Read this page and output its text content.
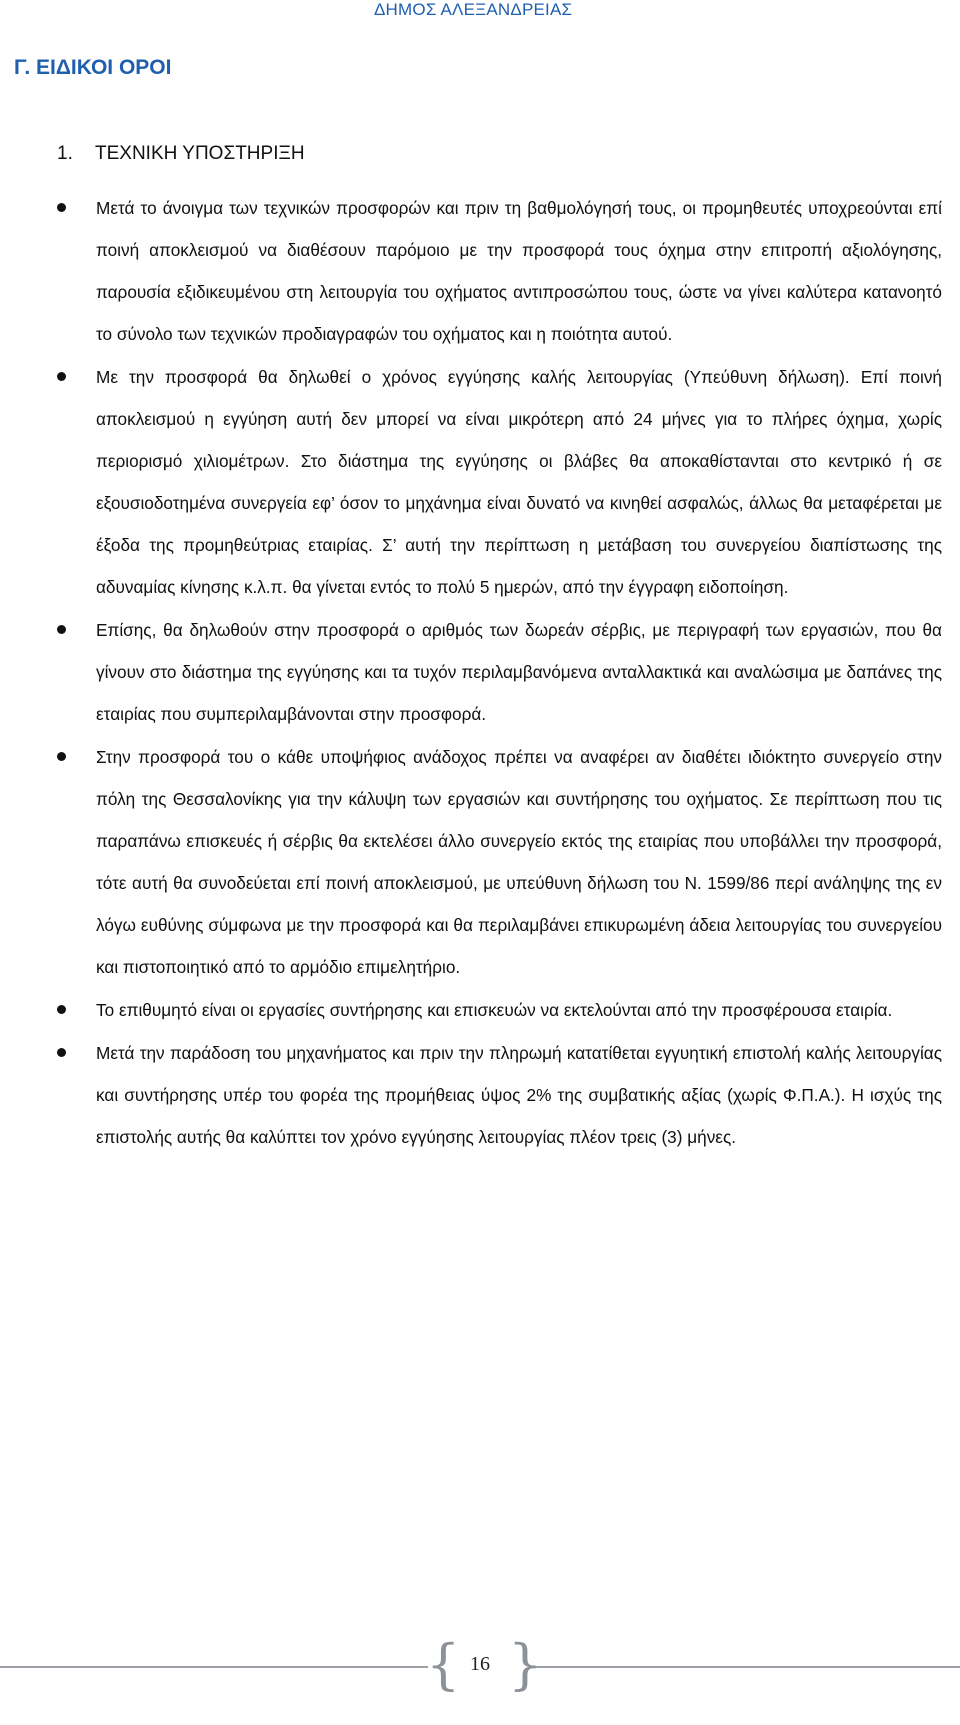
ΔΗΜΟΣ ΑΛΕΞΑΝΔΡΕΙΑΣ
Γ. ΕΙΔΙΚΟΙ ΟΡΟΙ
1. ΤΕΧΝΙΚΗ ΥΠΟΣΤΗΡΙΞΗ
Μετά το άνοιγμα των τεχνικών προσφορών και πριν τη βαθμολόγησή τους, οι προμηθευτές υποχρεούνται επί ποινή αποκλεισμού να διαθέσουν παρόμοιο με την προσφορά τους όχημα στην επιτροπή αξιολόγησης, παρουσία εξιδικευμένου στη λειτουργία του οχήματος αντιπροσώπου τους, ώστε να γίνει καλύτερα κατανοητό το σύνολο των τεχνικών προδιαγραφών του οχήματος και η ποιότητα αυτού.
Με την προσφορά θα δηλωθεί ο χρόνος εγγύησης καλής λειτουργίας (Υπεύθυνη δήλωση). Επί ποινή αποκλεισμού η εγγύηση αυτή δεν μπορεί να είναι μικρότερη από 24 μήνες για το πλήρες όχημα, χωρίς περιορισμό χιλιομέτρων. Στο διάστημα της εγγύησης οι βλάβες θα αποκαθίστανται στο κεντρικό ή σε εξουσιοδοτημένα συνεργεία εφ’ όσον το μηχάνημα είναι δυνατό να κινηθεί ασφαλώς, άλλως θα μεταφέρεται με έξοδα της προμηθεύτριας εταιρίας. Σ’ αυτή την περίπτωση η μετάβαση του συνεργείου διαπίστωσης της αδυναμίας κίνησης κ.λ.π. θα γίνεται εντός το πολύ 5 ημερών, από την έγγραφη ειδοποίηση.
Επίσης, θα δηλωθούν στην προσφορά ο αριθμός των δωρεάν σέρβις, με περιγραφή των εργασιών, που θα γίνουν στο διάστημα της εγγύησης και τα τυχόν περιλαμβανόμενα ανταλλακτικά και αναλώσιμα με δαπάνες της εταιρίας που συμπεριλαμβάνονται στην προσφορά.
Στην προσφορά του ο κάθε υποψήφιος ανάδοχος πρέπει να αναφέρει αν διαθέτει ιδιόκτητο συνεργείο στην πόλη της Θεσσαλονίκης για την κάλυψη των εργασιών και συντήρησης του οχήματος. Σε περίπτωση που τις παραπάνω επισκευές ή σέρβις θα εκτελέσει άλλο συνεργείο εκτός της εταιρίας που υποβάλλει την προσφορά, τότε αυτή θα συνοδεύεται επί ποινή αποκλεισμού, με υπεύθυνη δήλωση του Ν. 1599/86 περί ανάληψης της εν λόγω ευθύνης σύμφωνα με την προσφορά και θα περιλαμβάνει επικυρωμένη άδεια λειτουργίας του συνεργείου και πιστοποιητικό από το αρμόδιο επιμελητήριο.
Το επιθυμητό είναι οι εργασίες συντήρησης και επισκευών να εκτελούνται από την προσφέρουσα εταιρία.
Μετά την παράδοση του μηχανήματος και πριν την πληρωμή κατατίθεται εγγυητική επιστολή καλής λειτουργίας και συντήρησης υπέρ του φορέα της προμήθειας ύψος 2% της συμβατικής αξίας (χωρίς Φ.Π.Α.). Η ισχύς της επιστολής αυτής θα καλύπτει τον χρόνο εγγύησης λειτουργίας πλέον τρεις (3) μήνες.
{ 16 }
